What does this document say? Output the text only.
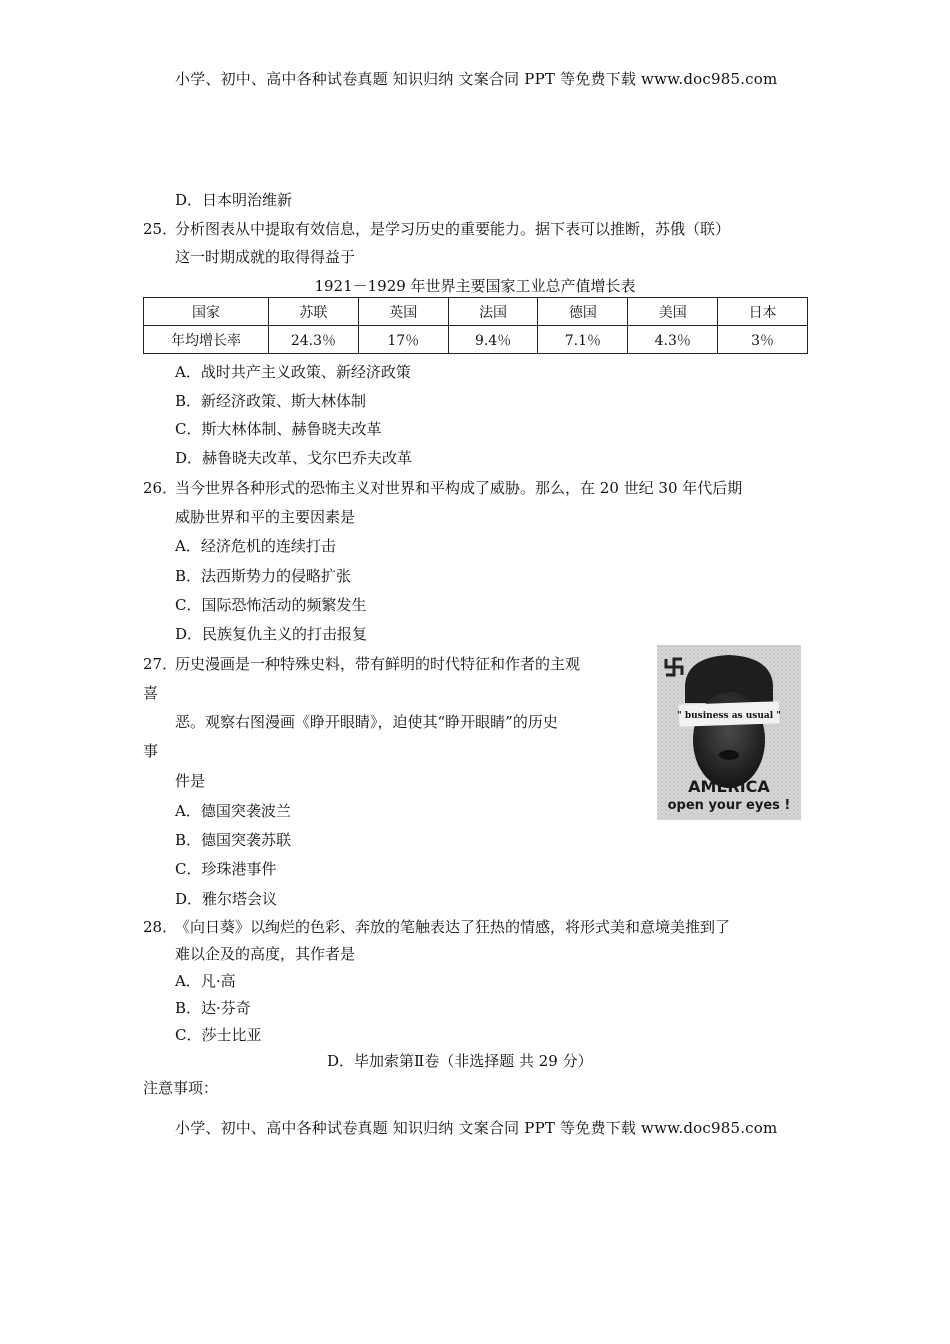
小学、初中、高中各种试卷真题 知识归纳 文案合同 PPT 等免费下载 www.doc985.com
D．日本明治维新
25．
分析图表从中提取有效信息，是学习历史的重要能力。据下表可以推断，苏俄（联）
这一时期成就的取得得益于
1921－1929 年世界主要国家工业总产值增长表
国家	苏联	英国	法国	德国	美国	日本
年均增长率	24.3％	17％	9.4％	7.1％	4.3％	3％
A．战时共产主义政策、新经济政策
B．新经济政策、斯大林体制
C．斯大林体制、赫鲁晓夫改革
D．赫鲁晓夫改革、戈尔巴乔夫改革
26．
当今世界各种形式的恐怖主义对世界和平构成了威胁。那么，在 20 世纪 30 年代后期
威胁世界和平的主要因素是
A．经济危机的连续打击
B．法西斯势力的侵略扩张
C．国际恐怖活动的频繁发生
D．民族复仇主义的打击报复
27．
历史漫画是一种特殊史料，带有鲜明的时代特征和作者的主观
喜
恶。观察右图漫画《睁开眼睛》，迫使其“睁开眼睛”的历史
事
件是
A．德国突袭波兰
B．德国突袭苏联
C．珍珠港事件
D．雅尔塔会议
" business as usual "
AMERICA
open your eyes !
28．
《向日葵》以绚烂的色彩、奔放的笔触表达了狂热的情感，将形式美和意境美推到了
难以企及的高度，其作者是
A．凡·高
B．达·芬奇
C．莎士比亚
D．毕加索第Ⅱ卷（非选择题 共 29 分）
注意事项：
小学、初中、高中各种试卷真题 知识归纳 文案合同 PPT 等免费下载 www.doc985.com
